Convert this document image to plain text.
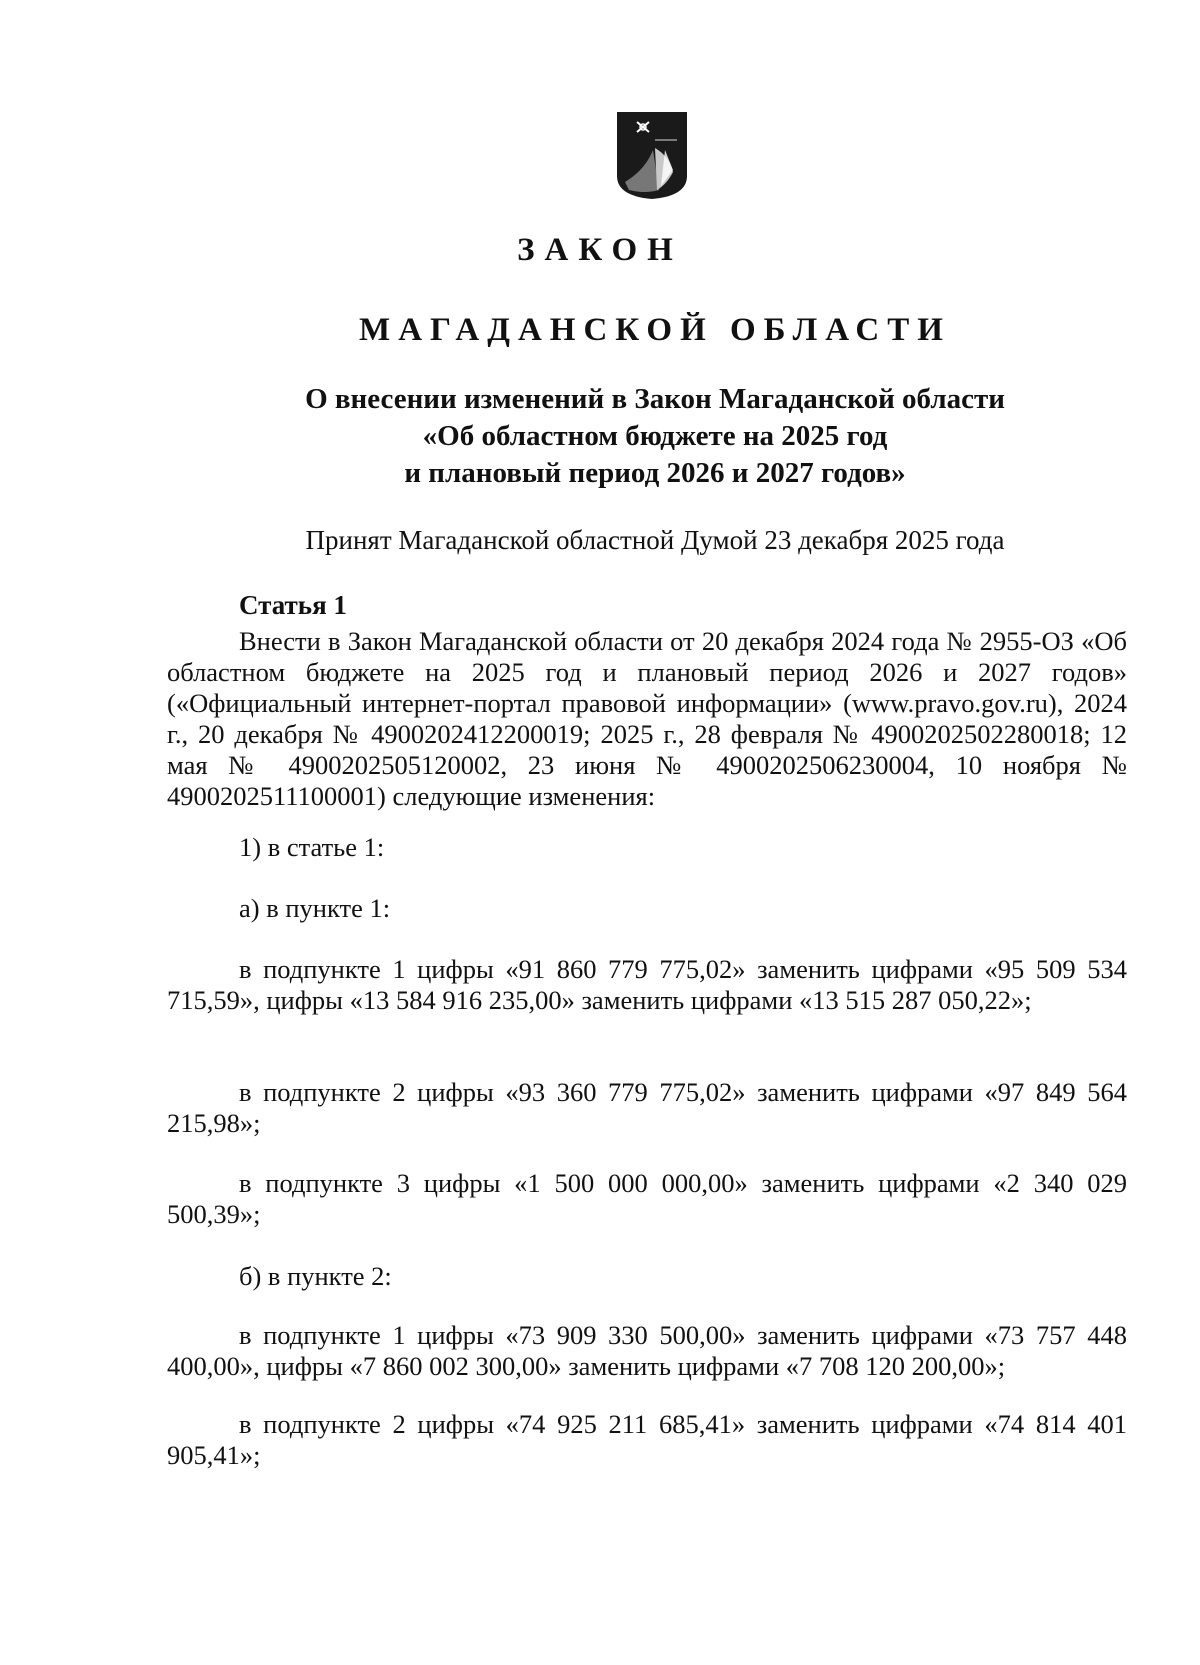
ЗАКОН
МАГАДАНСКОЙ ОБЛАСТИ
О внесении изменений в Закон Магаданской области
«Об областном бюджете на 2025 год
и плановый период 2026 и 2027 годов»
Принят Магаданской областной Думой 23 декабря 2025 года
Статья 1
Внести в Закон Магаданской области от 20 декабря 2024 года № 2955-ОЗ «Об областном бюджете на 2025 год и плановый период 2026 и 2027 годов» («Официальный интернет-портал правовой информации» (www.pravo.gov.ru), 2024 г., 20 декабря № 4900202412200019; 2025 г., 28 февраля № 4900202502280018; 12 мая № 4900202505120002, 23 июня № 4900202506230004, 10 ноября № 4900202511100001) следующие изменения:
1) в статье 1:
а) в пункте 1:
в подпункте 1 цифры «91 860 779 775,02» заменить цифрами «95 509 534 715,59», цифры «13 584 916 235,00» заменить цифрами «13 515 287 050,22»;
в подпункте 2 цифры «93 360 779 775,02» заменить цифрами «97 849 564 215,98»;
в подпункте 3 цифры «1 500 000 000,00» заменить цифрами «2 340 029 500,39»;
б) в пункте 2:
в подпункте 1 цифры «73 909 330 500,00» заменить цифрами «73 757 448 400,00», цифры «7 860 002 300,00» заменить цифрами «7 708 120 200,00»;
в подпункте 2 цифры «74 925 211 685,41» заменить цифрами «74 814 401 905,41»;
